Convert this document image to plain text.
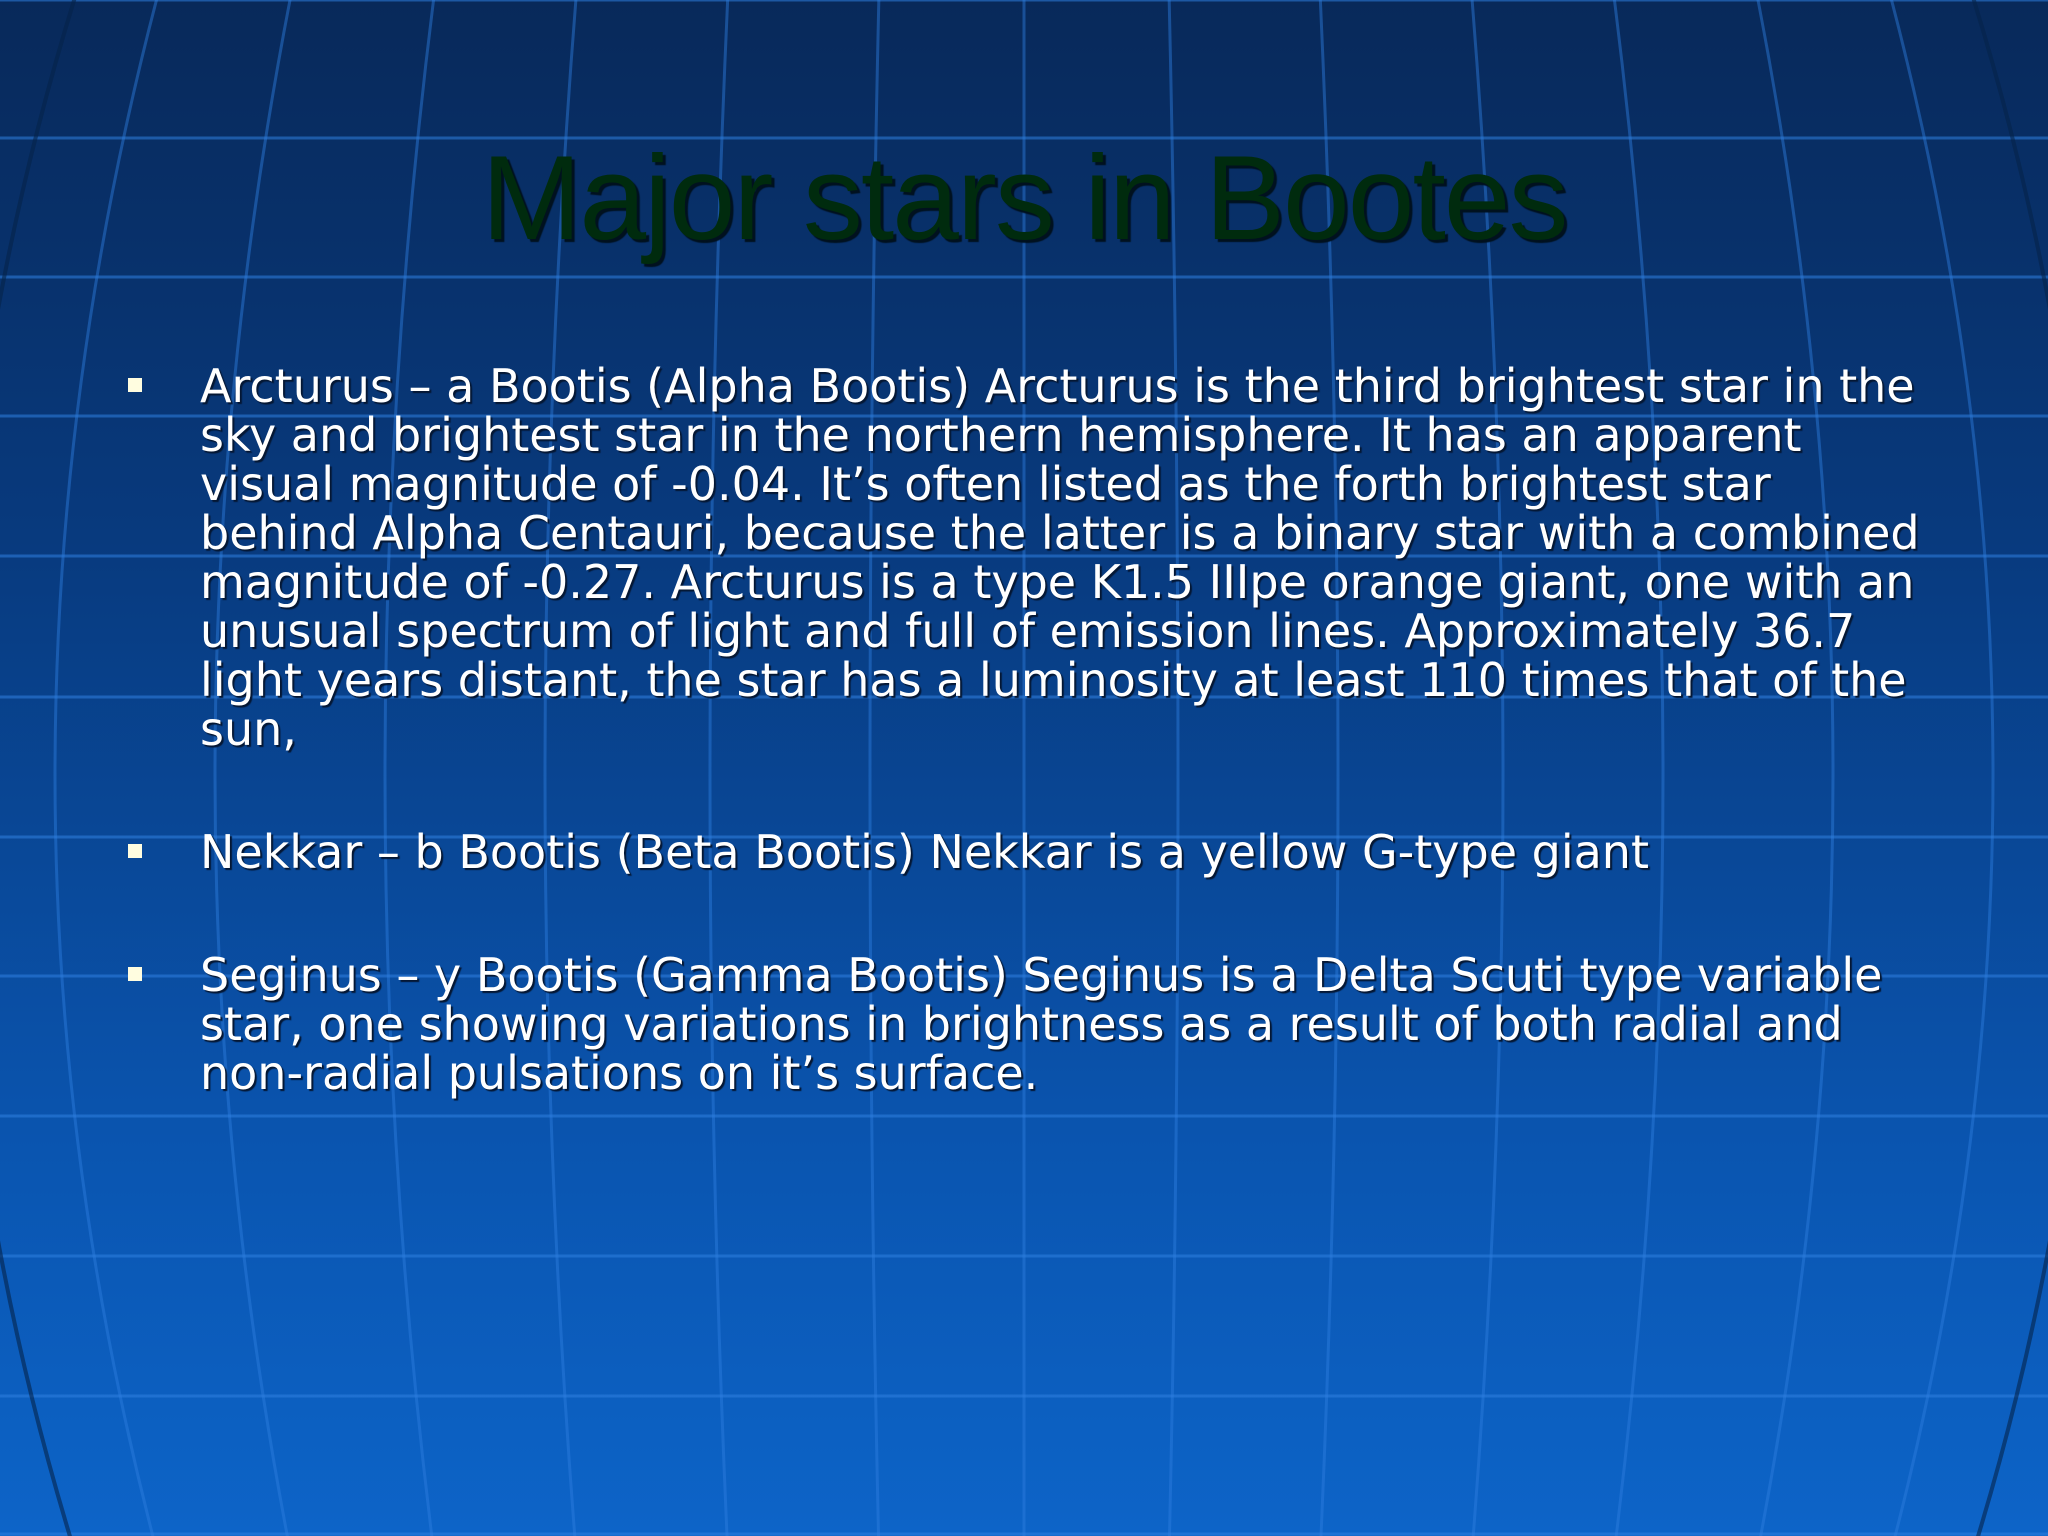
Major stars in Bootes
Arcturus – a Bootis (Alpha Bootis) Arcturus is the third brightest star in the sky and brightest star in the northern hemisphere. It has an apparent visual magnitude of -0.04. It’s often listed as the forth brightest star behind Alpha Centauri, because the latter is a binary star with a combined magnitude of -0.27. Arcturus is a type K1.5 IIIpe orange giant, one with an unusual spectrum of light and full of emission lines. Approximately 36.7 light years distant, the star has a luminosity at least 110 times that of the sun,
Nekkar – b Bootis (Beta Bootis) Nekkar is a yellow G-type giant
Seginus – y Bootis (Gamma Bootis) Seginus is a Delta Scuti type variable star, one showing variations in brightness as a result of both radial and non-radial pulsations on it’s surface.
